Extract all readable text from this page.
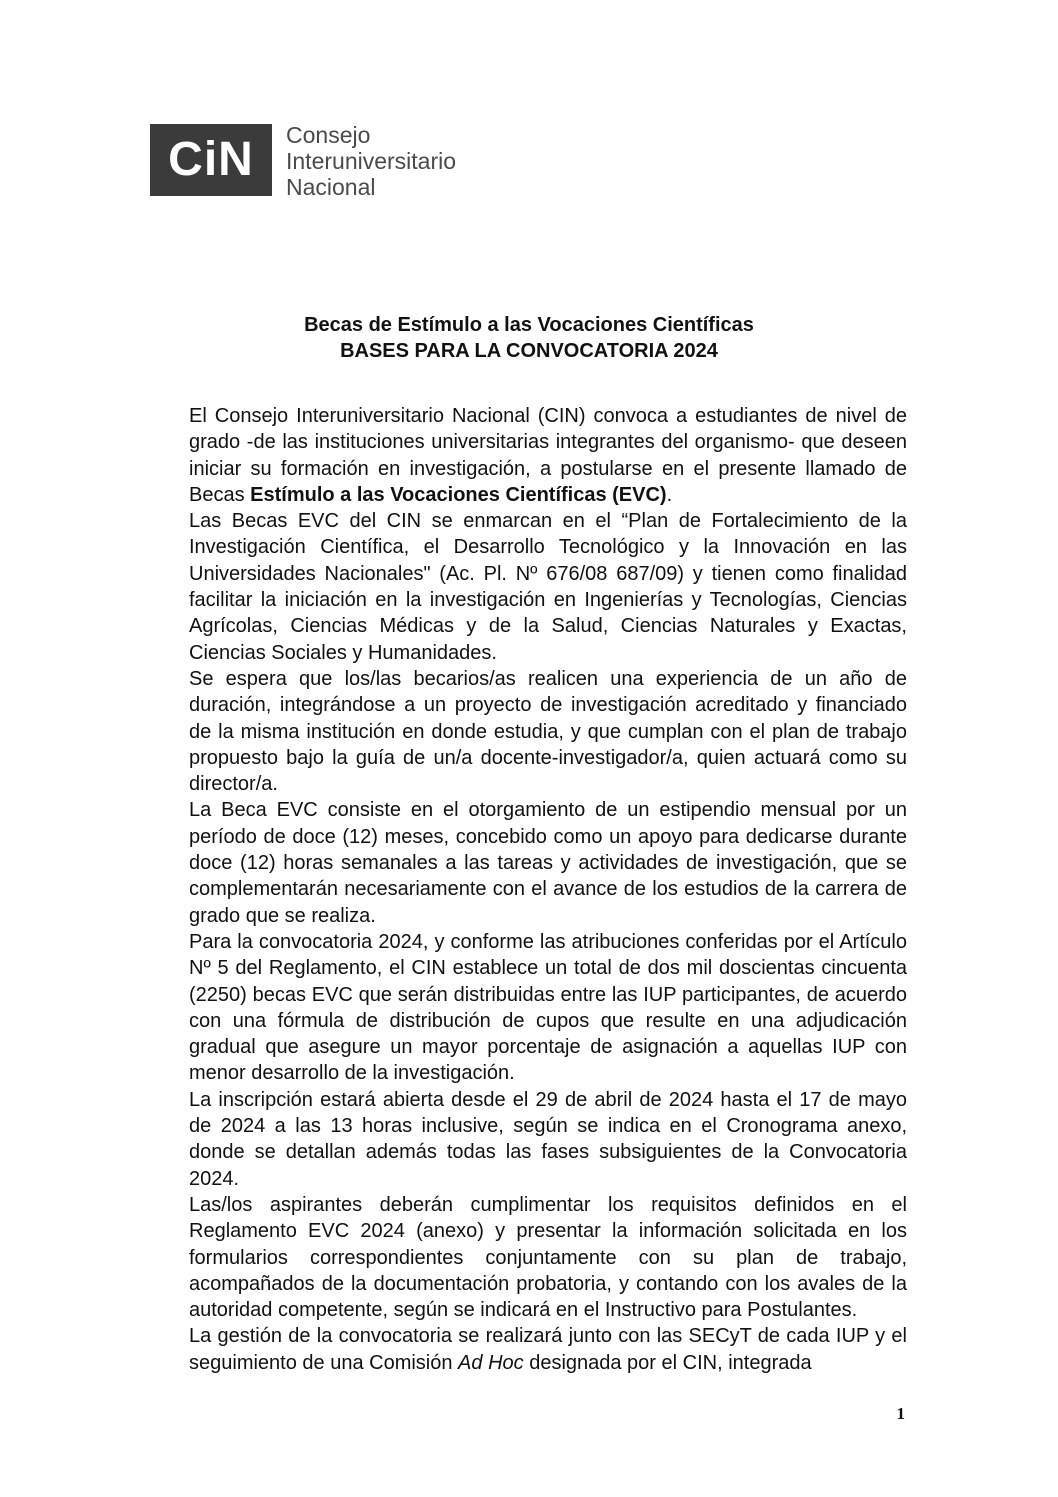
CiN	Consejo
Interuniversitario
Nacional
Becas de Estímulo a las Vocaciones Científicas
BASES PARA LA CONVOCATORIA 2024

El Consejo Interuniversitario Nacional (CIN) convoca a estudiantes de nivel de grado -de las instituciones universitarias integrantes del organismo- que deseen iniciar su formación en investigación, a postularse en el presente llamado de Becas Estímulo a las Vocaciones Científicas (EVC).

Las Becas EVC del CIN se enmarcan en el “Plan de Fortalecimiento de la Investigación Científica, el Desarrollo Tecnológico y la Innovación en las Universidades Nacionales" (Ac. Pl. Nº 676/08 687/09) y tienen como finalidad facilitar la iniciación en la investigación en Ingenierías y Tecnologías, Ciencias Agrícolas, Ciencias Médicas y de la Salud, Ciencias Naturales y Exactas, Ciencias Sociales y Humanidades.

Se espera que los/las becarios/as realicen una experiencia de un año de duración, integrándose a un proyecto de investigación acreditado y financiado de la misma institución en donde estudia, y que cumplan con el plan de trabajo propuesto bajo la guía de un/a docente-investigador/a, quien actuará como su director/a.

La Beca EVC consiste en el otorgamiento de un estipendio mensual por un período de doce (12) meses, concebido como un apoyo para dedicarse durante doce (12) horas semanales a las tareas y actividades de investigación, que se complementarán necesariamente con el avance de los estudios de la carrera de grado que se realiza.

Para la convocatoria 2024, y conforme las atribuciones conferidas por el Artículo Nº 5 del Reglamento, el CIN establece un total de dos mil doscientas cincuenta (2250) becas EVC que serán distribuidas entre las IUP participantes, de acuerdo con una fórmula de distribución de cupos que resulte en una adjudicación gradual que asegure un mayor porcentaje de asignación a aquellas IUP con menor desarrollo de la investigación.

La inscripción estará abierta desde el 29 de abril de 2024 hasta el 17 de mayo de 2024 a las 13 horas inclusive, según se indica en el Cronograma anexo, donde se detallan además todas las fases subsiguientes de la Convocatoria 2024.

Las/los aspirantes deberán cumplimentar los requisitos definidos en el Reglamento EVC 2024 (anexo) y presentar la información solicitada en los formularios correspondientes conjuntamente con su plan de trabajo, acompañados de la documentación probatoria, y contando con los avales de la autoridad competente, según se indicará en el Instructivo para Postulantes.

La gestión de la convocatoria se realizará junto con las SECyT de cada IUP y el seguimiento de una Comisión Ad Hoc designada por el CIN, integrada

1
